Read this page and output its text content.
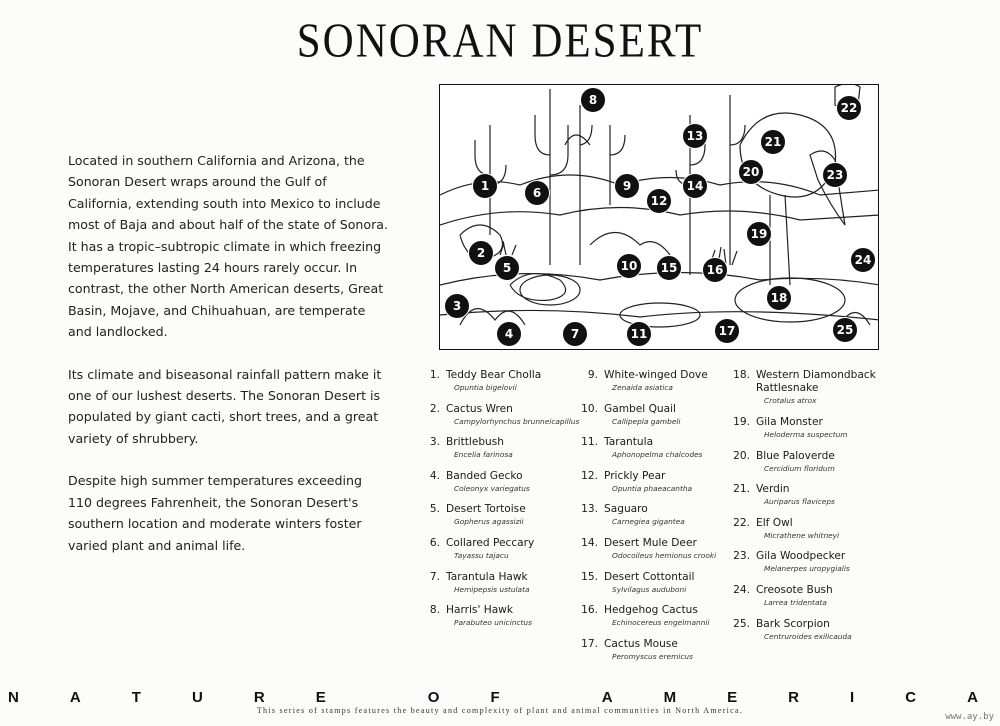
SONORAN DESERT

Located in southern California and Arizona, the Sonoran Desert wraps around the Gulf of California, extending south into Mexico to include most of Baja and about half of the state of Sonora. It has a tropic–subtropic climate in which freezing temperatures lasting 24 hours rarely occur. In contrast, the other North American deserts, Great Basin, Mojave, and Chihuahuan, are temperate and landlocked.

Its climate and biseasonal rainfall pattern make it one of our lushest deserts. The Sonoran Desert is populated by giant cacti, short trees, and a great variety of shrubbery.

Despite high summer temperatures exceeding 110 degrees Fahrenheit, the Sonoran Desert's southern location and moderate winters foster varied plant and animal life.

1
2
3
4
5
6
7
8
9
10
11
12
13
14
15	16
17
18
19
20
21
22
23
24
25
1. Teddy Bear Cholla
Opuntia bigelovii
2. Cactus Wren
Campylorhynchus brunneicapillus
3. Brittlebush
Encelia farinosa
4. Banded Gecko
Coleonyx variegatus
5. Desert Tortoise
Gopherus agassizii
6. Collared Peccary
Tayassu tajacu
7. Tarantula Hawk
Hemipepsis ustulata
8. Harris' Hawk
Parabuteo unicinctus
9. White-winged Dove
Zenaida asiatica
10. Gambel Quail
Callipepla gambeli
11. Tarantula
Aphonopelma chalcodes
12. Prickly Pear
Opuntia phaeacantha
13. Saguaro
Carnegiea gigantea
14. Desert Mule Deer
Odocoileus hemionus crooki
15. Desert Cottontail
Sylvilagus auduboni
16. Hedgehog Cactus
Echinocereus engelmannii
17. Cactus Mouse
Peromyscus eremicus
18. Western Diamondback Rattlesnake
Crotalus atrox
19. Gila Monster
Heloderma suspectum
20. Blue Paloverde
Cercidium floridum
21. Verdin
Auriparus flaviceps
22. Elf Owl
Micrathene whitneyi
23. Gila Woodpecker
Melanerpes uropygialis
24. Creosote Bush
Larrea tridentata
25. Bark Scorpion
Centruroides exilicauda
N	A	T	U	R	E	O	F	A	M	E	R	I	C	A
This series of stamps features the beauty and complexity of plant and animal communities in North America.
www.ay.by
